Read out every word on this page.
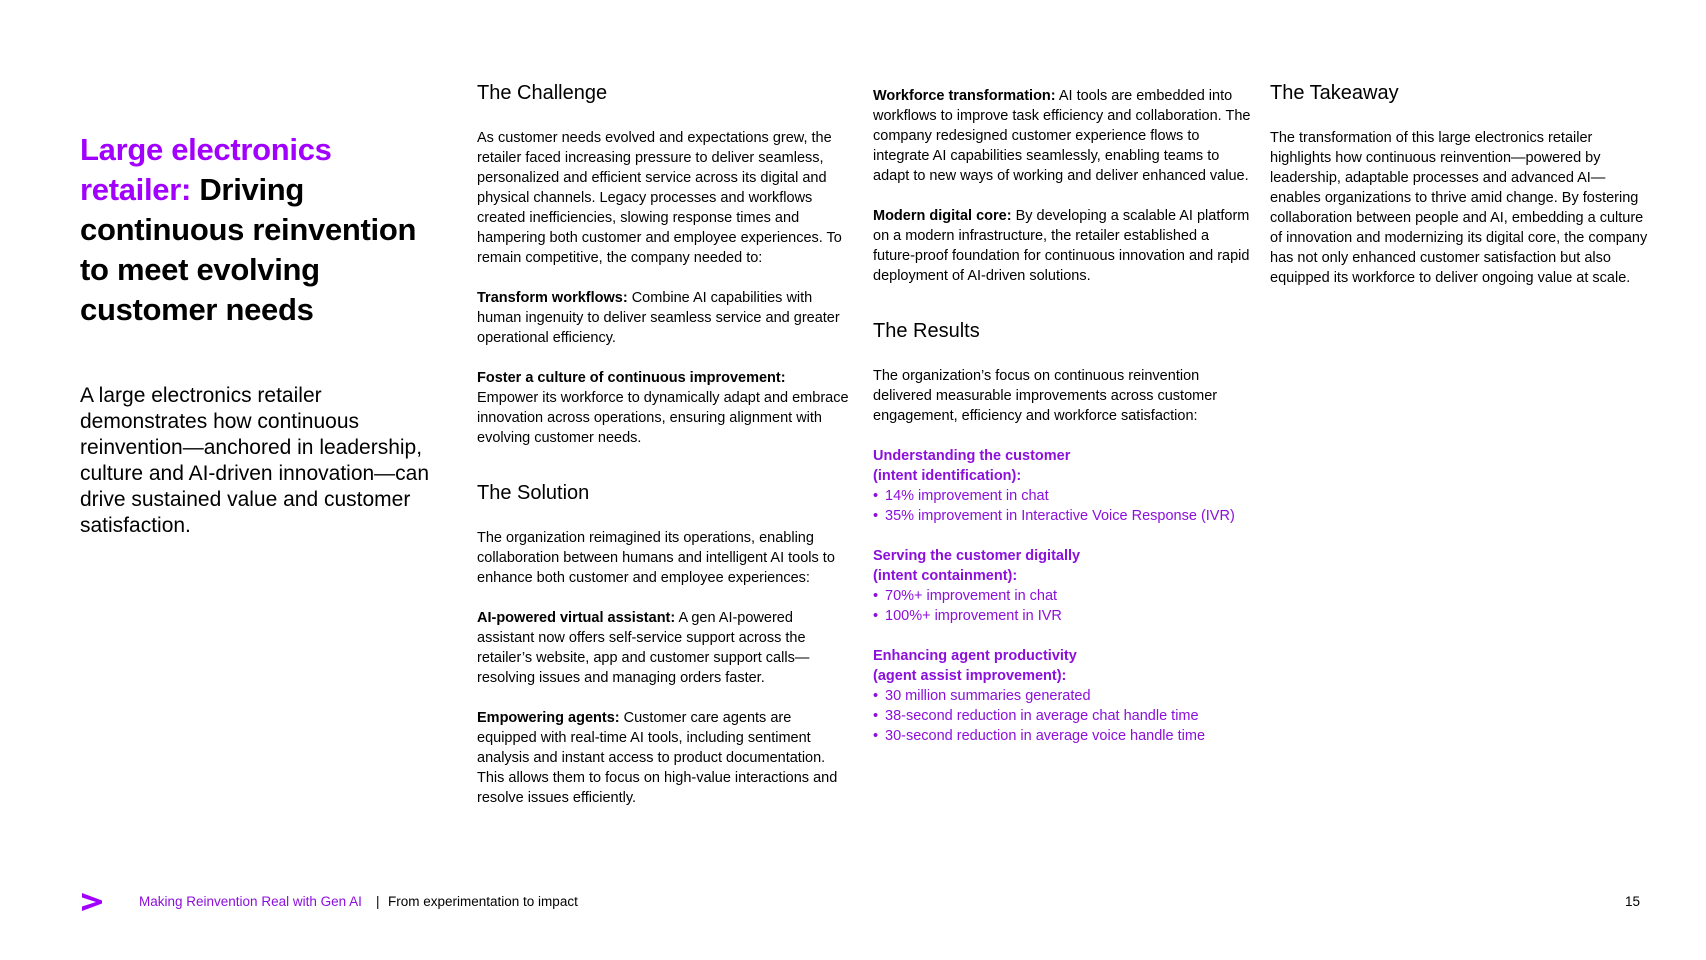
Large electronics retailer: Driving continuous reinvention to meet evolving customer needs
A large electronics retailer demonstrates how continuous reinvention—anchored in leadership, culture and AI-driven innovation—can drive sustained value and customer satisfaction.
The Challenge

As customer needs evolved and expectations grew, the retailer faced increasing pressure to deliver seamless, personalized and efficient service across its digital and physical channels. Legacy processes and workflows created inefficiencies, slowing response times and hampering both customer and employee experiences. To remain competitive, the company needed to:

Transform workflows: Combine AI capabilities with human ingenuity to deliver seamless service and greater operational efficiency.

Foster a culture of continuous improvement:
Empower its workforce to dynamically adapt and embrace innovation across operations, ensuring alignment with evolving customer needs.

The Solution

The organization reimagined its operations, enabling collaboration between humans and intelligent AI tools to enhance both customer and employee experiences:

AI-powered virtual assistant: A gen AI-powered assistant now offers self-service support across the retailer’s website, app and customer support calls—resolving issues and managing orders faster.

Empowering agents: Customer care agents are equipped with real-time AI tools, including sentiment analysis and instant access to product documentation. This allows them to focus on high-value interactions and resolve issues efficiently.

Workforce transformation: AI tools are embedded into workflows to improve task efficiency and collaboration. The company redesigned customer experience flows to integrate AI capabilities seamlessly, enabling teams to adapt to new ways of working and deliver enhanced value.

Modern digital core: By developing a scalable AI platform on a modern infrastructure, the retailer established a future-proof foundation for continuous innovation and rapid deployment of AI-driven solutions.

The Results

The organization’s focus on continuous reinvention delivered measurable improvements across customer engagement, efficiency and workforce satisfaction:

Understanding the customer
(intent identification):
• 14% improvement in chat
• 35% improvement in Interactive Voice Response (IVR)
Serving the customer digitally
(intent containment):
• 70%+ improvement in chat
• 100%+ improvement in IVR
Enhancing agent productivity
(agent assist improvement):
• 30 million summaries generated
• 38-second reduction in average chat handle time
• 30-second reduction in average voice handle time
The Takeaway

The transformation of this large electronics retailer highlights how continuous reinvention—powered by leadership, adaptable processes and advanced AI—enables organizations to thrive amid change. By fostering collaboration between people and AI, embedding a culture of innovation and modernizing its digital core, the company has not only enhanced customer satisfaction but also equipped its workforce to deliver ongoing value at scale.

Making Reinvention Real with Gen AI | From experimentation to impact	15
